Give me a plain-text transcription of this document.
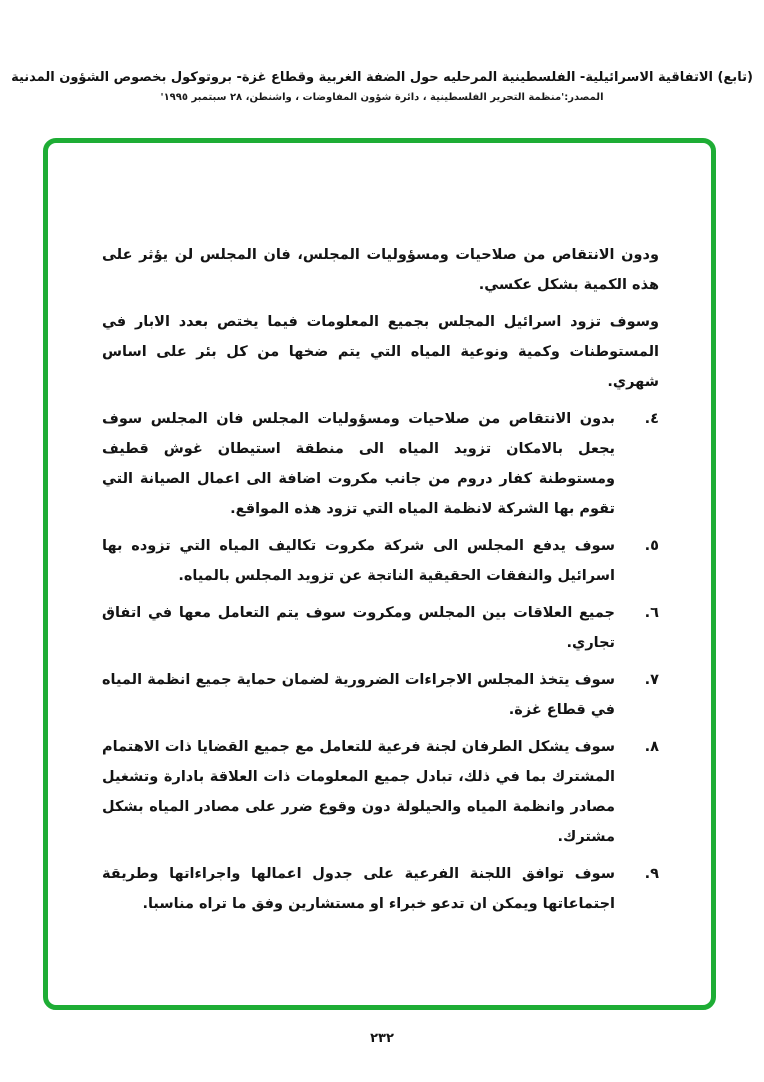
(تابع) الاتفاقية الاسرائيلية- الفلسطينية المرحليه حول الضفة الغربية وقطاع غزة- بروتوكول بخصوص الشؤون المدنية
المصدر:'منظمة التحرير الفلسطينية ، دائرة شؤون المفاوضات ، واشنطن، ٢٨ سبتمبر ١٩٩٥'

ودون الانتقاص من صلاحيات ومسؤوليات المجلس، فان المجلس لن يؤثر على هذه الكمية بشكل عكسي.

وسوف تزود اسرائيل المجلس بجميع المعلومات فيما يختص بعدد الابار في المستوطنات وكمية ونوعية المياه التي يتم ضخها من كل بئر على اساس شهري.

٤.
بدون الانتقاص من صلاحيات ومسؤوليات المجلس فان المجلس سوف يجعل بالامكان تزويد المياه الى منطقة استيطان غوش قطيف ومستوطنة كفار دروم من جانب مكروت اضافة الى اعمال الصيانة التي تقوم بها الشركة لانظمة المياه التي تزود هذه المواقع.
٥.
سوف يدفع المجلس الى شركة مكروت تكاليف المياه التي تزوده بها اسرائيل والنفقات الحقيقية الناتجة عن تزويد المجلس بالمياه.
٦.
جميع العلاقات بين المجلس ومكروت سوف يتم التعامل معها في اتفاق تجاري.
٧.
سوف يتخذ المجلس الاجراءات الضرورية لضمان حماية جميع انظمة المياه في قطاع غزة.
٨.
سوف يشكل الطرفان لجنة فرعية للتعامل مع جميع القضايا ذات الاهتمام المشترك بما في ذلك، تبادل جميع المعلومات ذات العلاقة بادارة وتشغيل مصادر وانظمة المياه والحيلولة دون وقوع ضرر على مصادر المياه بشكل مشترك.
٩.
سوف توافق اللجنة الفرعية على جدول اعمالها واجراءاتها وطريقة اجتماعاتها ويمكن ان تدعو خبراء او مستشارين وفق ما تراه مناسبا.
٢٣٢
